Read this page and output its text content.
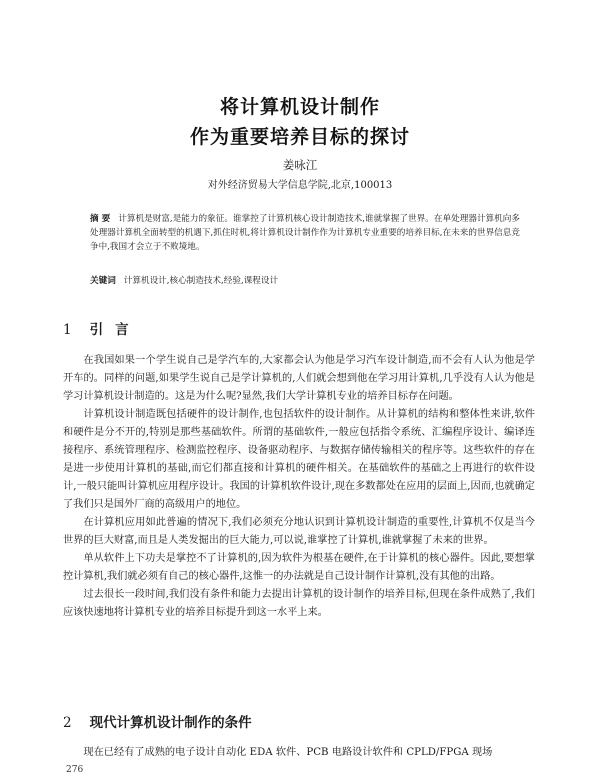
将计算机设计制作
作为重要培养目标的探讨
姜咏江
对外经济贸易大学信息学院,北京,100013
摘 要 计算机是财富,是能力的象征。谁掌控了计算机核心设计制造技术,谁就掌握了世界。在单处理器计算机向多处理器计算机全面转型的机遇下,抓住时机,将计算机设计制作作为计算机专业重要的培养目标,在未来的世界信息竞争中,我国才会立于不败境地。
关键词 计算机设计,核心制造技术,经验,课程设计
1 引言

在我国如果一个学生说自己是学汽车的,大家都会认为他是学习汽车设计制造,而不会有人认为他是学开车的。同样的问题,如果学生说自己是学计算机的,人们就会想到他在学习用计算机,几乎没有人认为他是学习计算机设计制造的。这是为什么呢?显然,我们大学计算机专业的培养目标存在问题。

计算机设计制造既包括硬件的设计制作,也包括软件的设计制作。从计算机的结构和整体性来讲,软件和硬件是分不开的,特别是那些基础软件。所谓的基础软件,一般应包括指令系统、汇编程序设计、编译连接程序、系统管理程序、检测监控程序、设备驱动程序、与数据存储传输相关的程序等。这些软件的存在是进一步使用计算机的基础,而它们都直接和计算机的硬件相关。在基础软件的基础之上再进行的软件设计,一般只能叫计算机应用程序设计。我国的计算机软件设计,现在多数都处在应用的层面上,因而,也就确定了我们只是国外厂商的高级用户的地位。

在计算机应用如此普遍的情况下,我们必须充分地认识到计算机设计制造的重要性,计算机不仅是当今世界的巨大财富,而且是人类发掘出的巨大能力,可以说,谁掌控了计算机,谁就掌握了未来的世界。

单从软件上下功夫是掌控不了计算机的,因为软件为根基在硬件,在于计算机的核心器件。因此,要想掌控计算机,我们就必须有自己的核心器件,这惟一的办法就是自己设计制作计算机,没有其他的出路。

过去很长一段时间,我们没有条件和能力去提出计算机的设计制作的培养目标,但现在条件成熟了,我们应该快速地将计算机专业的培养目标提升到这一水平上来。

2 现代计算机设计制作的条件

现在已经有了成熟的电子设计自动化 EDA 软件、PCB 电路设计软件和 CPLD/FPGA 现场

276
